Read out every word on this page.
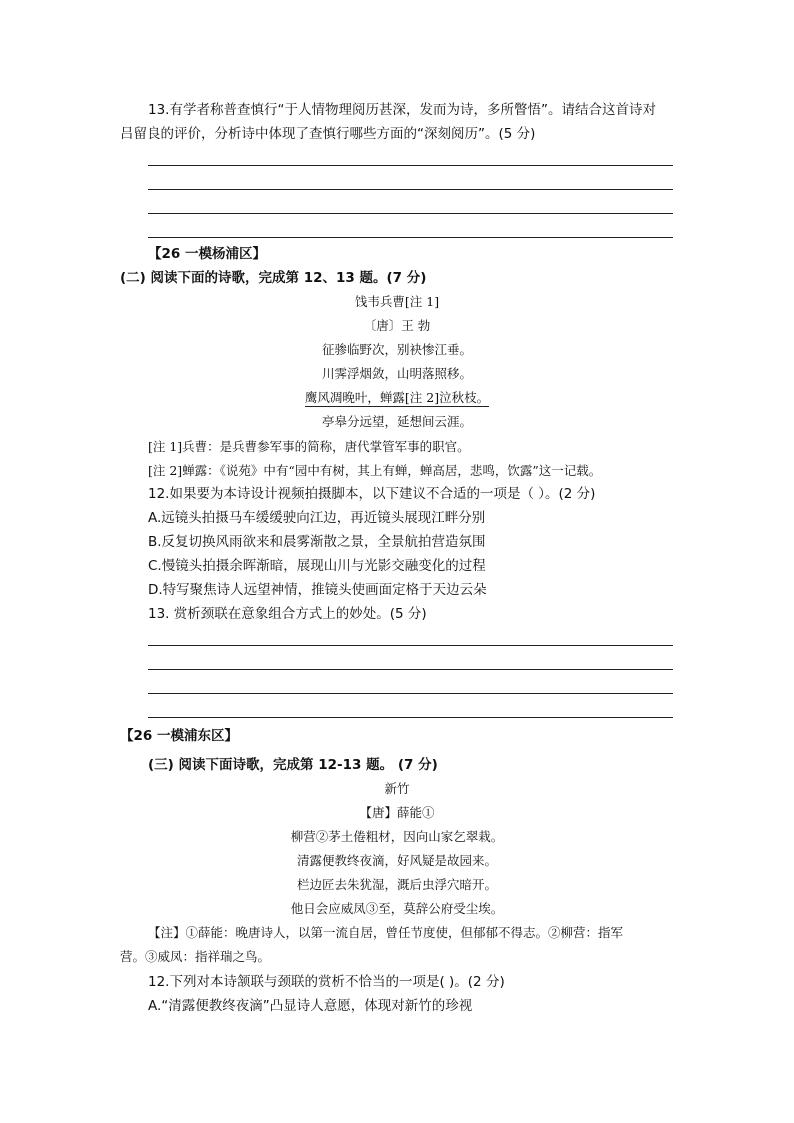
13.有学者称普查慎行“于人情物理阅历甚深，发而为诗，多所瞥悟”。请结合这首诗对
吕留良的评价，分析诗中体现了查慎行哪些方面的“深刻阅历”。(5 分)
【26 一模杨浦区】
(二) 阅读下面的诗歌，完成第 12、13 题。(7 分)
饯韦兵曹[注 1]
〔唐〕王 勃
征骖临野次，别袂惨江垂。
川霁浮烟敛，山明落照移。
鹰风凋晚叶，蝉露[注 2]泣秋枝。
亭皋分远望，延想间云涯。
[注 1]兵曹：是兵曹参军事的简称，唐代掌管军事的职官。
[注 2]蝉露：《说苑》中有“园中有树，其上有蝉，蝉高居，悲鸣，饮露”这一记载。
12.如果要为本诗设计视频拍摄脚本，以下建议不合适的一项是（ ）。(2 分)
A.远镜头拍摄马车缓缓驶向江边，再近镜头展现江畔分别
B.反复切换风雨欲来和晨雾渐散之景，全景航拍营造氛围
C.慢镜头拍摄余晖渐暗，展现山川与光影交融变化的过程
D.特写聚焦诗人远望神情，推镜头使画面定格于天边云朵
13. 赏析颈联在意象组合方式上的妙处。(5 分)
【26 一模浦东区】
(三) 阅读下面诗歌，完成第 12-13 题。 (7 分)
新竹
【唐】薛能①
柳营②茅土倦粗材，因向山家乞翠栽。
清露便教终夜滴，好风疑是故园来。
栏边匠去朱犹湿，溉后虫浮穴暗开。
他日会应威凤③至，莫辞公府受尘埃。
【注】①薛能：晚唐诗人，以第一流自居，曾任节度使，但郁郁不得志。②柳营：指军
营。③威凤：指祥瑞之鸟。
12.下列对本诗颔联与颈联的赏析不恰当的一项是( )。(2 分)
A.“清露便教终夜滴”凸显诗人意愿，体现对新竹的珍视
